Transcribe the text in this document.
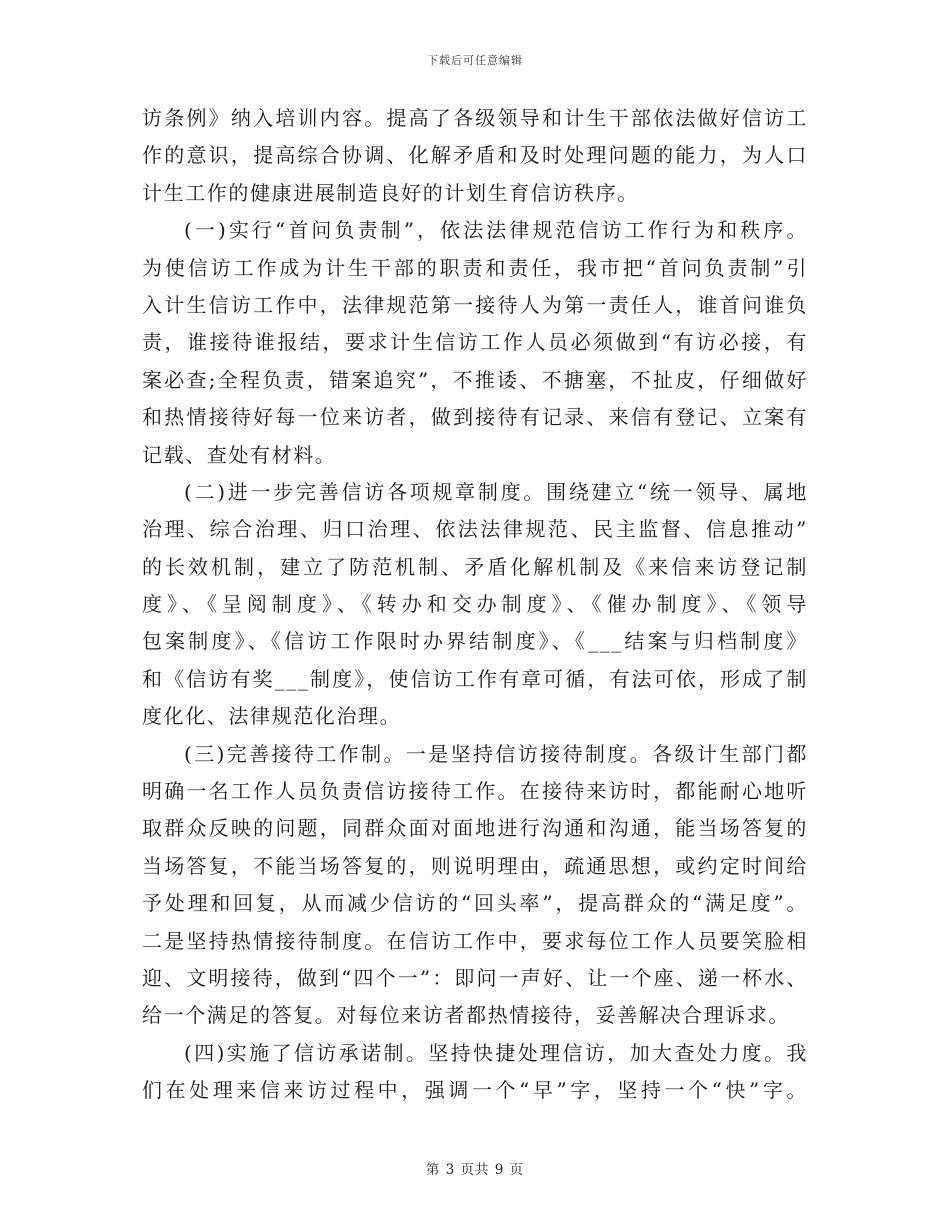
下载后可任意编辑
访条例》纳入培训内容。提高了各级领导和计生干部依法做好信访工
作的意识，提高综合协调、化解矛盾和及时处理问题的能力，为人口
计生工作的健康进展制造良好的计划生育信访秩序。
(一)实行“首问负责制”，依法法律规范信访工作行为和秩序。
为使信访工作成为计生干部的职责和责任，我市把“首问负责制”引
入计生信访工作中，法律规范第一接待人为第一责任人，谁首问谁负
责，谁接待谁报结，要求计生信访工作人员必须做到“有访必接，有
案必查;全程负责，错案追究”，不推诿、不搪塞，不扯皮，仔细做好
和热情接待好每一位来访者，做到接待有记录、来信有登记、立案有
记载、查处有材料。
(二)进一步完善信访各项规章制度。围绕建立“统一领导、属地
治理、综合治理、归口治理、依法法律规范、民主监督、信息推动”
的长效机制，建立了防范机制、矛盾化解机制及《来信来访登记制
度》、《呈阅制度》、《转办和交办制度》、《催办制度》、《领导
包案制度》、《信访工作限时办界结制度》、《___结案与归档制度》
和《信访有奖___制度》，使信访工作有章可循，有法可依，形成了制
度化化、法律规范化治理。
(三)完善接待工作制。一是坚持信访接待制度。各级计生部门都
明确一名工作人员负责信访接待工作。在接待来访时，都能耐心地听
取群众反映的问题，同群众面对面地进行沟通和沟通，能当场答复的
当场答复，不能当场答复的，则说明理由，疏通思想，或约定时间给
予处理和回复，从而减少信访的“回头率”，提高群众的“满足度”。
二是坚持热情接待制度。在信访工作中，要求每位工作人员要笑脸相
迎、文明接待，做到“四个一”：即问一声好、让一个座、递一杯水、
给一个满足的答复。对每位来访者都热情接待，妥善解决合理诉求。
(四)实施了信访承诺制。坚持快捷处理信访，加大查处力度。我
们在处理来信来访过程中，强调一个“早”字，坚持一个“快”字。
第 3 页共 9 页
